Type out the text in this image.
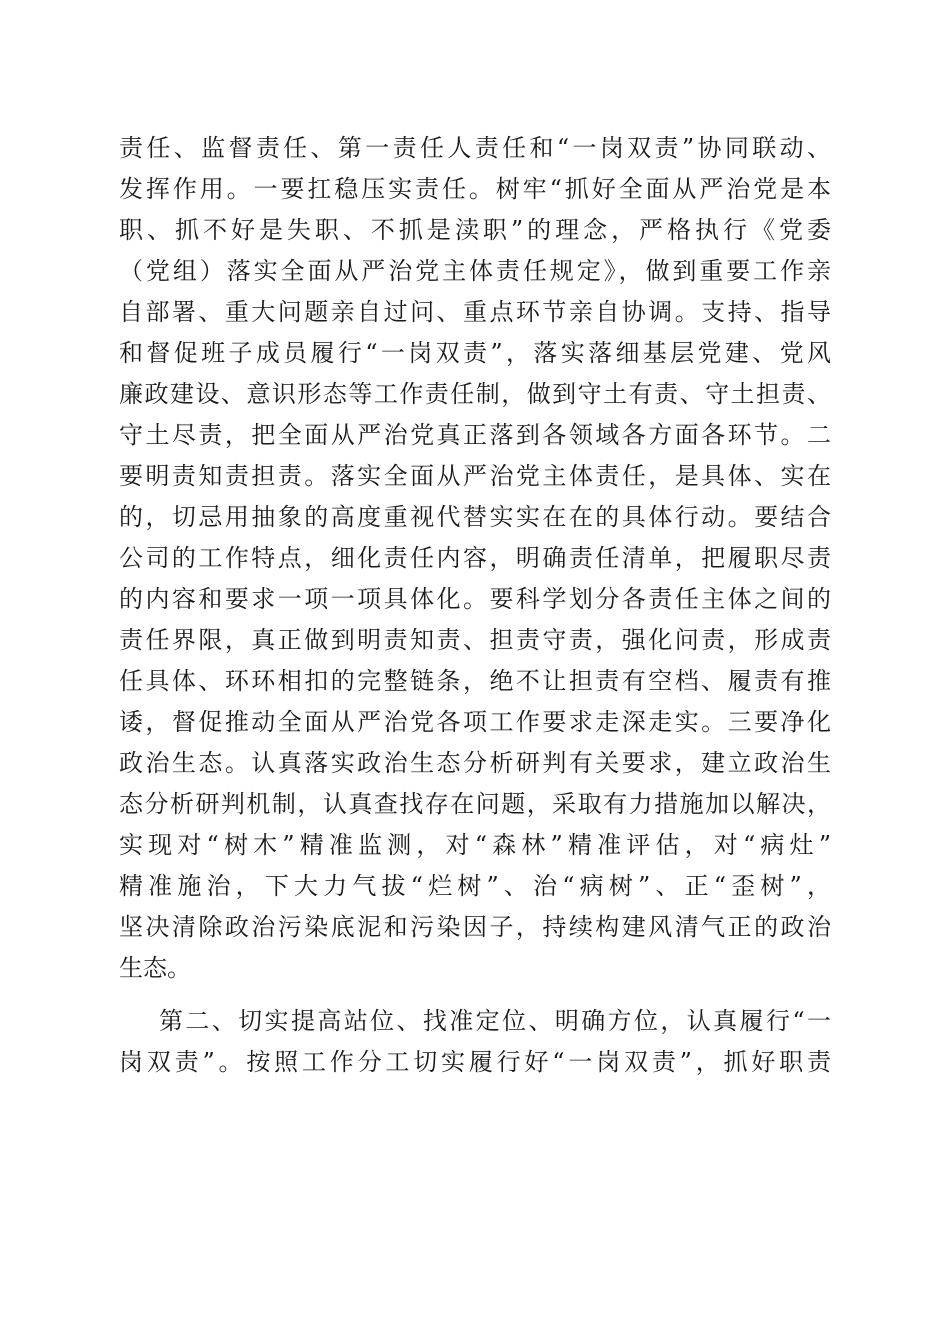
责任、监督责任、第一责任人责任和“一岗双责”协同联动、
发挥作用。一要扛稳压实责任。树牢“抓好全面从严治党是本
职、抓不好是失职、不抓是渎职”的理念，严格执行《党委
（党组）落实全面从严治党主体责任规定》，做到重要工作亲
自部署、重大问题亲自过问、重点环节亲自协调。支持、指导
和督促班子成员履行“一岗双责”，落实落细基层党建、党风
廉政建设、意识形态等工作责任制，做到守土有责、守土担责、
守土尽责，把全面从严治党真正落到各领域各方面各环节。二
要明责知责担责。落实全面从严治党主体责任，是具体、实在
的，切忌用抽象的高度重视代替实实在在的具体行动。要结合
公司的工作特点，细化责任内容，明确责任清单，把履职尽责
的内容和要求一项一项具体化。要科学划分各责任主体之间的
责任界限，真正做到明责知责、担责守责，强化问责，形成责
任具体、环环相扣的完整链条，绝不让担责有空档、履责有推
诿，督促推动全面从严治党各项工作要求走深走实。三要净化
政治生态。认真落实政治生态分析研判有关要求，建立政治生
态分析研判机制，认真查找存在问题，采取有力措施加以解决，
实现对“树木”精准监测，对“森林”精准评估，对“病灶”
精准施治，下大力气拔“烂树”、治“病树”、正“歪树”，
坚决清除政治污染底泥和污染因子，持续构建风清气正的政治
生态。
第二、切实提高站位、找准定位、明确方位，认真履行“一
岗双责”。按照工作分工切实履行好“一岗双责”，抓好职责
